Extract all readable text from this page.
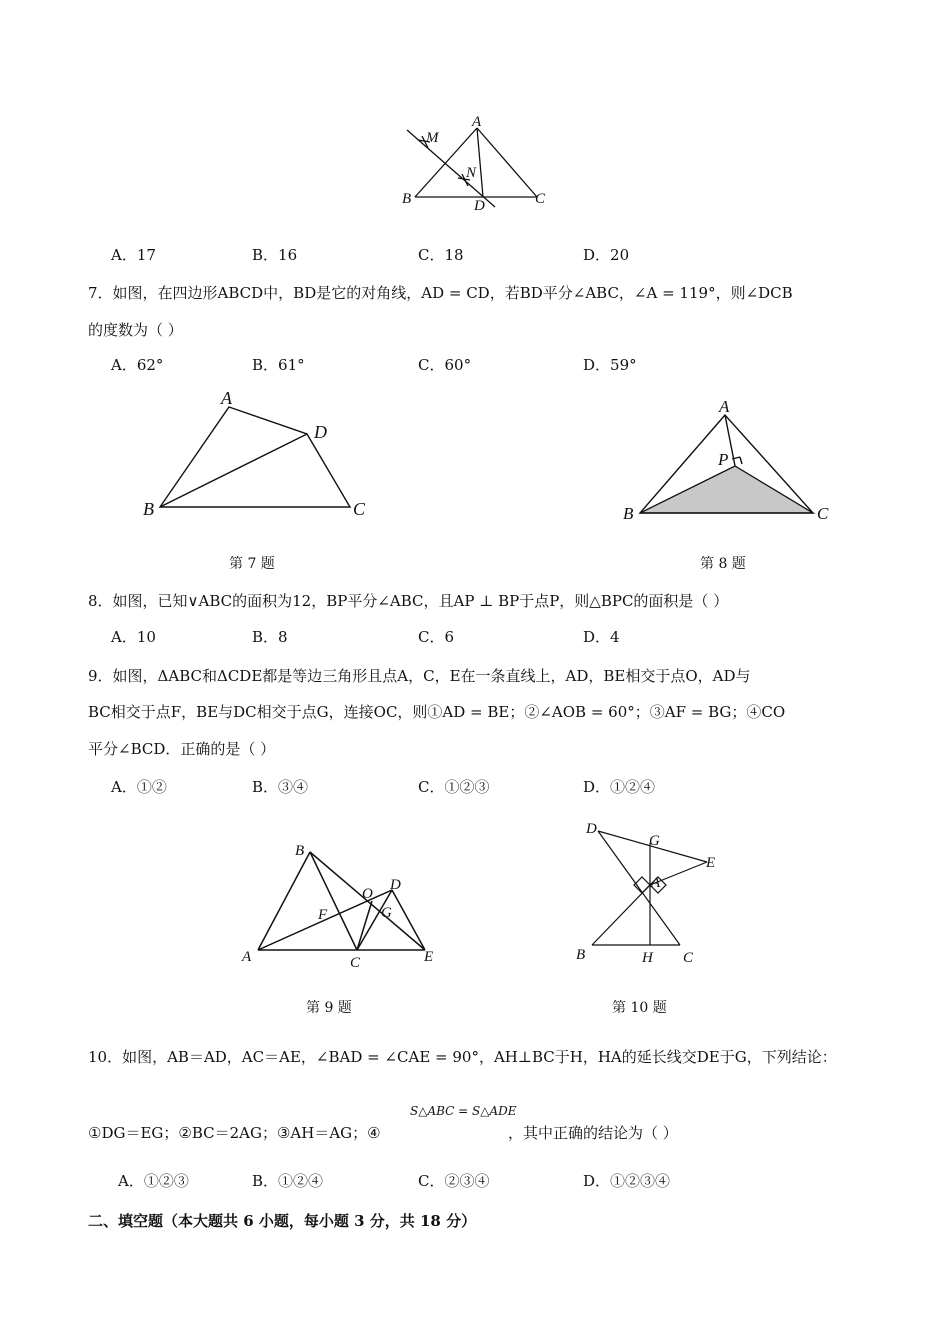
M
A
N
B	D	C
A．17	B．16	C．18	D．20
7．如图，在四边形ABCD中，BD是它的对角线，AD = CD，若BD平分∠ABC，∠A = 119°，则∠DCB
的度数为（ ）
A．62°	B．61°	C．60°	D．59°
A
D
B	C
第 7 题
A
P
B	C
第 8 题
8．如图，已知∨ABC的面积为12，BP平分∠ABC，且AP ⊥ BP于点P，则△BPC的面积是（ ）
A．10	B．8	C．6	D．4
9．如图，ΔABC和ΔCDE都是等边三角形且点A，C，E在一条直线上，AD，BE相交于点O，AD与
BC相交于点F，BE与DC相交于点G，连接OC，则①AD = BE；②∠AOB = 60°；③AF = BG；④CO
平分∠BCD．正确的是（ ）
A．①②	B．③④	C．①②③	D．①②④
B
O
D
F	G
A	C	E
第 9 题
D
G
E
A
B	H C
第 10 题
10．如图，AB＝AD，AC＝AE，∠BAD = ∠CAE = 90°，AH⊥BC于H，HA的延长线交DE于G，下列结论：
S△ABC = S△ADE
①DG＝EG；②BC＝2AG；③AH＝AG；④	，其中正确的结论为（ ）
A．①②③	B．①②④	C．②③④	D．①②③④
二、填空题（本大题共 6 小题，每小题 3 分，共 18 分）
